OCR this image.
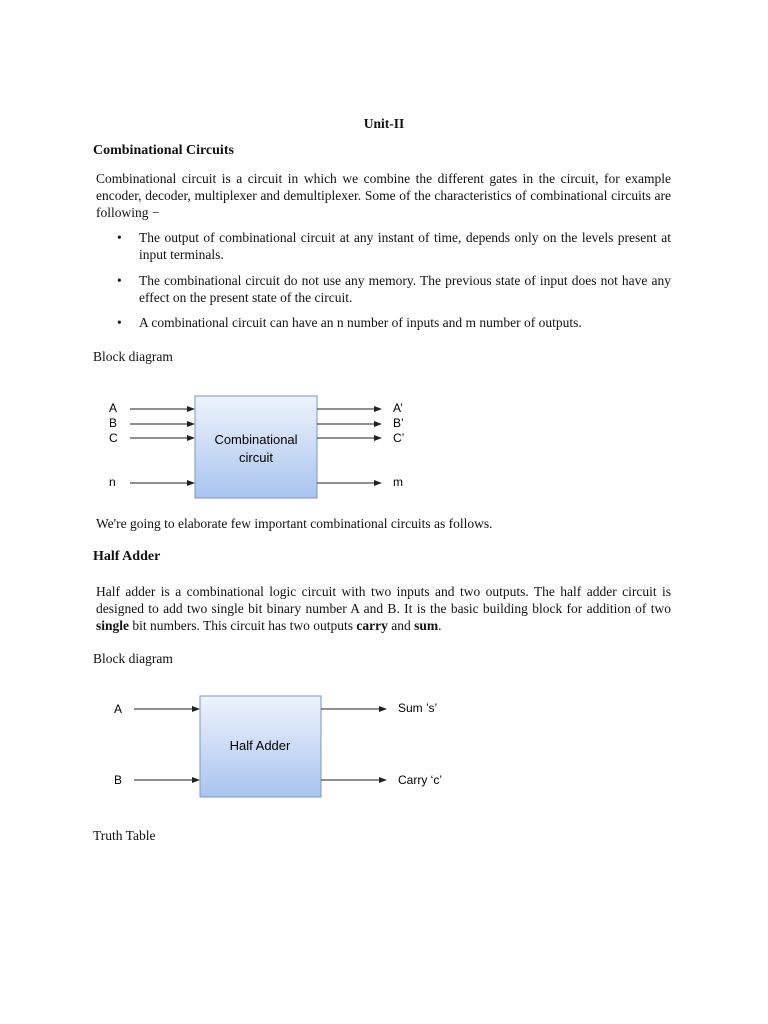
Unit-II
Combinational Circuits
Combinational circuit is a circuit in which we combine the different gates in the circuit, for example encoder, decoder, multiplexer and demultiplexer. Some of the characteristics of combinational circuits are following −
• The output of combinational circuit at any instant of time, depends only on the levels present at input terminals.
• The combinational circuit do not use any memory. The previous state of input does not have any effect on the present state of the circuit.
• A combinational circuit can have an n number of inputs and m number of outputs.
Block diagram
A
B
C
n
Combinational
circuit
A’
B’
C’
m
We're going to elaborate few important combinational circuits as follows.
Half Adder
Half adder is a combinational logic circuit with two inputs and two outputs. The half adder circuit is designed to add two single bit binary number A and B. It is the basic building block for addition of two single bit numbers. This circuit has two outputs carry and sum.
Block diagram
A
B
Half Adder
Sum ’s’
Carry ‘c’
Truth Table
